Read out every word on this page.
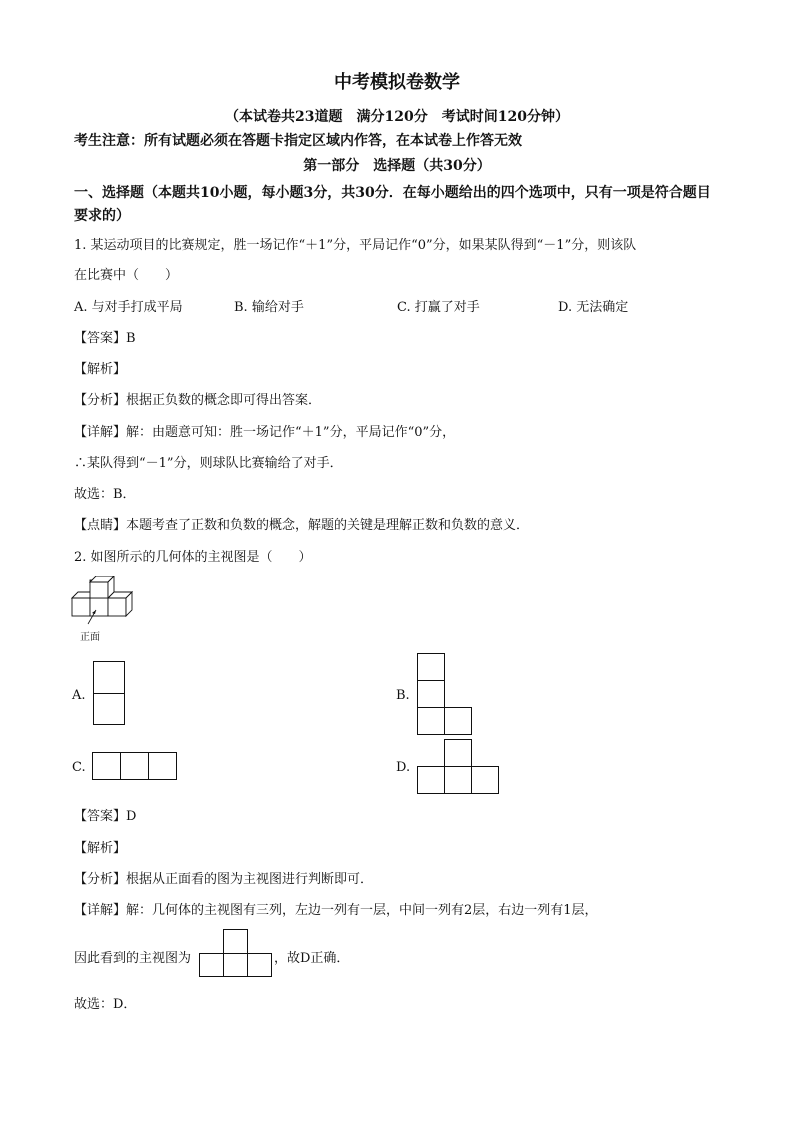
中考模拟卷数学
（本试卷共23道题　满分120分　考试时间120分钟）
考生注意：所有试题必须在答题卡指定区域内作答，在本试卷上作答无效
第一部分　选择题（共30分）
一、选择题（本题共10小题，每小题3分，共30分．在每小题给出的四个选项中，只有一项是符合题目要求的）
1. 某运动项目的比赛规定，胜一场记作“＋1”分，平局记作“0”分，如果某队得到“－1”分，则该队
在比赛中（　　）
A. 与对手打成平局	B. 输给对手	C. 打赢了对手	D. 无法确定
【答案】B
【解析】
【分析】根据正负数的概念即可得出答案．
【详解】解：由题意可知：胜一场记作“＋1”分，平局记作“0”分，
∴某队得到“－1”分，则球队比赛输给了对手．
故选：B．
【点睛】本题考查了正数和负数的概念，解题的关键是理解正数和负数的意义．
2. 如图所示的几何体的主视图是（　　）
正面
A.	B.
C.	D.
【答案】D
【解析】
【分析】根据从正面看的图为主视图进行判断即可．
【详解】解：几何体的主视图有三列，左边一列有一层，中间一列有2层，右边一列有1层，
因此看到的主视图为	，故D正确．
故选：D．
